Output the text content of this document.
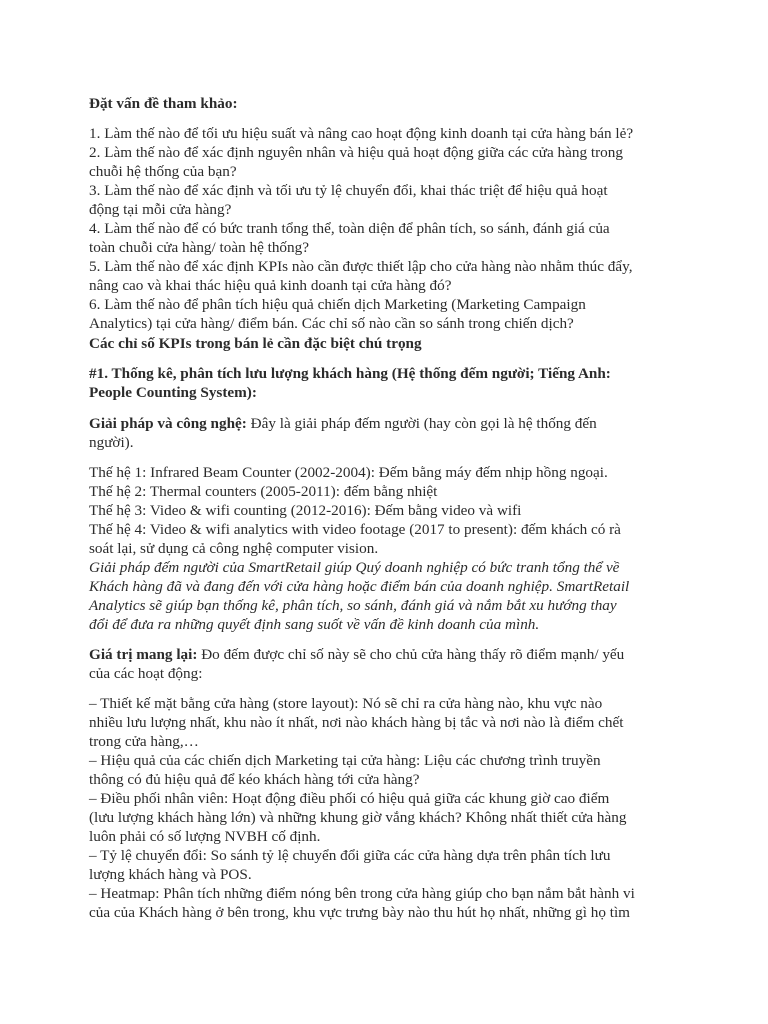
Đặt vấn đề tham khảo:

1. Làm thế nào để tối ưu hiệu suất và nâng cao hoạt động kinh doanh tại cửa hàng bán lẻ?
2. Làm thế nào để xác định nguyên nhân và hiệu quả hoạt động giữa các cửa hàng trong
chuỗi hệ thống của bạn?
3. Làm thế nào để xác định và tối ưu tỷ lệ chuyển đổi, khai thác triệt để hiệu quả hoạt
động tại mỗi cửa hàng?
4. Làm thế nào để có bức tranh tổng thể, toàn diện để phân tích, so sánh, đánh giá của
toàn chuỗi cửa hàng/ toàn hệ thống?
5. Làm thế nào để xác định KPIs nào cần được thiết lập cho cửa hàng nào nhằm thúc đẩy,
nâng cao và khai thác hiệu quả kinh doanh tại cửa hàng đó?
6. Làm thế nào để phân tích hiệu quả chiến dịch Marketing (Marketing Campaign
Analytics) tại cửa hàng/ điểm bán. Các chỉ số nào cần so sánh trong chiến dịch?

Các chỉ số KPIs trong bán lẻ cần đặc biệt chú trọng

#1. Thống kê, phân tích lưu lượng khách hàng (Hệ thống đếm người; Tiếng Anh:
People Counting System):
Giải pháp và công nghệ: Đây là giải pháp đếm người (hay còn gọi là hệ thống đến
người).
Thế hệ 1: Infrared Beam Counter (2002-2004): Đếm bằng máy đếm nhịp hồng ngoại.
Thế hệ 2: Thermal counters (2005-2011): đếm bằng nhiệt
Thế hệ 3: Video & wifi counting (2012-2016): Đếm bằng video và wifi
Thế hệ 4: Video & wifi analytics with video footage (2017 to present): đếm khách có rà
soát lại, sử dụng cả công nghệ computer vision.
Giải pháp đếm người của SmartRetail giúp Quý doanh nghiệp có bức tranh tổng thể về
Khách hàng đã và đang đến với cửa hàng hoặc điểm bán của doanh nghiệp. SmartRetail
Analytics sẽ giúp bạn thống kê, phân tích, so sánh, đánh giá và nắm bắt xu hướng thay
đổi để đưa ra những quyết định sang suốt về vấn đề kinh doanh của mình.
Giá trị mang lại: Đo đếm được chỉ số này sẽ cho chủ cửa hàng thấy rõ điểm mạnh/ yếu
của các hoạt động:
– Thiết kế mặt bằng cửa hàng (store layout): Nó sẽ chỉ ra cửa hàng nào, khu vực nào
nhiều lưu lượng nhất, khu nào ít nhất, nơi nào khách hàng bị tắc và nơi nào là điểm chết
trong cửa hàng,…
– Hiệu quả của các chiến dịch Marketing tại cửa hàng: Liệu các chương trình truyền
thông có đủ hiệu quả để kéo khách hàng tới cửa hàng?
– Điều phối nhân viên: Hoạt động điều phối có hiệu quả giữa các khung giờ cao điểm
(lưu lượng khách hàng lớn) và những khung giờ vắng khách? Không nhất thiết cửa hàng
luôn phải có số lượng NVBH cố định.
– Tỷ lệ chuyển đổi: So sánh tỷ lệ chuyển đổi giữa các cửa hàng dựa trên phân tích lưu
lượng khách hàng và POS.
– Heatmap: Phân tích những điểm nóng bên trong cửa hàng giúp cho bạn nắm bắt hành vi
của của Khách hàng ở bên trong, khu vực trưng bày nào thu hút họ nhất, những gì họ tìm
